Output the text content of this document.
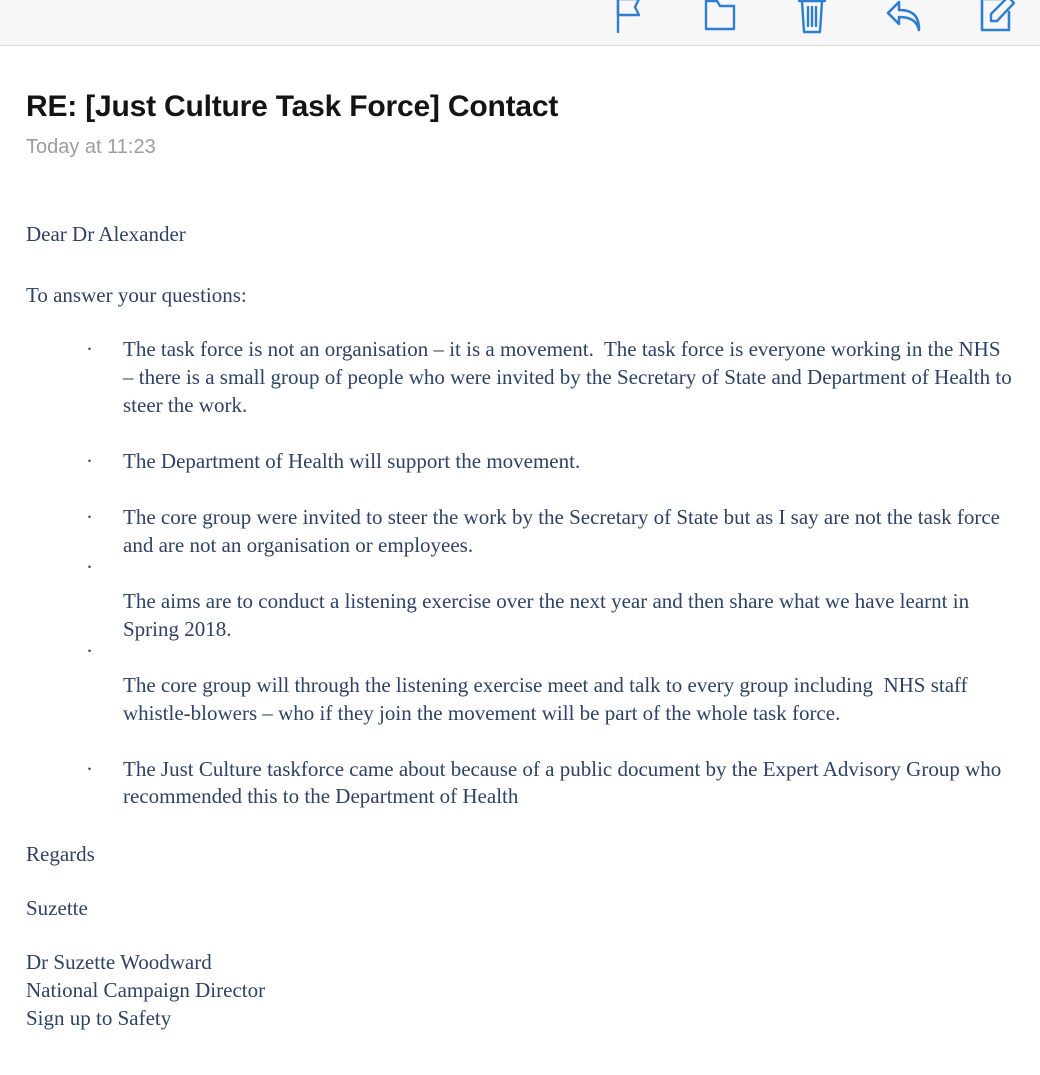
RE: [Just Culture Task Force] Contact
Today at 11:23

Dear Dr Alexander

To answer your questions:

· The task force is not an organisation – it is a movement.  The task force is everyone working in the NHS – there is a small group of people who were invited by the Secretary of State and Department of Health to steer the work.
· The Department of Health will support the movement.
· The core group were invited to steer the work by the Secretary of State but as I say are not the task force and are not an organisation or employees.
·
The aims are to conduct a listening exercise over the next year and then share what we have learnt in Spring 2018.
·
The core group will through the listening exercise meet and talk to every group including  NHS staff whistle-blowers – who if they join the movement will be part of the whole task force.
· The Just Culture taskforce came about because of a public document by the Expert Advisory Group who recommended this to the Department of Health

Regards

Suzette

Dr Suzette Woodward

National Campaign Director

Sign up to Safety
